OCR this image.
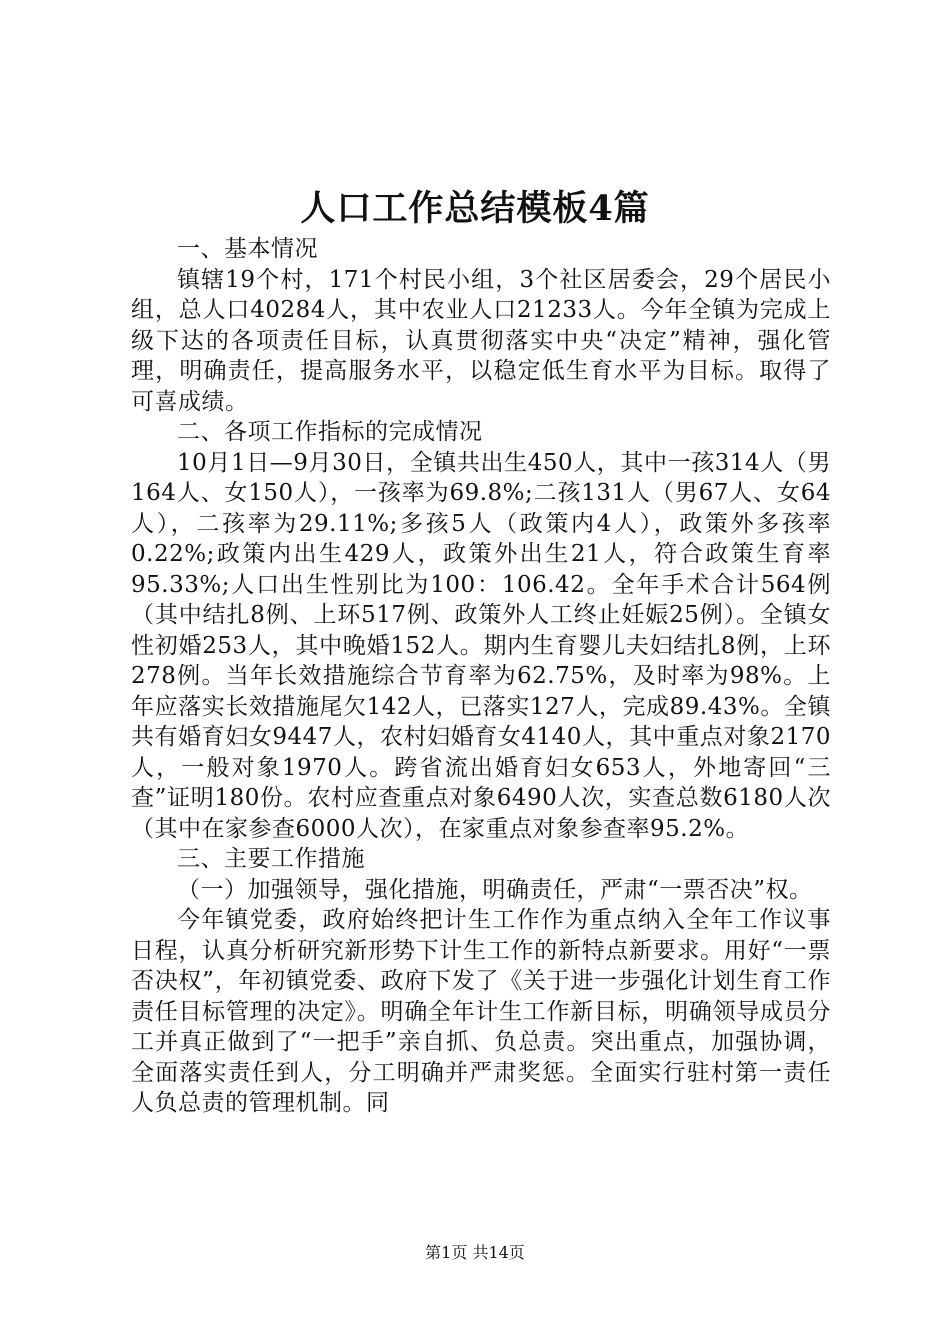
人口工作总结模板4篇

一、基本情况

镇辖19个村，171个村民小组，3个社区居委会，29个居民小组，总人口40284人，其中农业人口21233人。今年全镇为完成上级下达的各项责任目标，认真贯彻落实中央“决定”精神，强化管理，明确责任，提高服务水平，以稳定低生育水平为目标。取得了可喜成绩。

二、各项工作指标的完成情况

10月1日—9月30日，全镇共出生450人，其中一孩314人（男164人、女150人），一孩率为69.8%;二孩131人（男67人、女64人），二孩率为29.11%;多孩5人（政策内4人），政策外多孩率0.22%;政策内出生429人，政策外出生21人，符合政策生育率95.33%;人口出生性别比为100：106.42。全年手术合计564例（其中结扎8例、上环517例、政策外人工终止妊娠25例）。全镇女性初婚253人，其中晚婚152人。期内生育婴儿夫妇结扎8例，上环278例。当年长效措施综合节育率为62.75%，及时率为98%。上年应落实长效措施尾欠142人，已落实127人，完成89.43%。全镇共有婚育妇女9447人，农村妇婚育女4140人，其中重点对象2170人，一般对象1970人。跨省流出婚育妇女653人，外地寄回“三查”证明180份。农村应查重点对象6490人次，实查总数6180人次（其中在家参查6000人次），在家重点对象参查率95.2%。

三、主要工作措施

（一）加强领导，强化措施，明确责任，严肃“一票否决”权。

今年镇党委，政府始终把计生工作作为重点纳入全年工作议事日程，认真分析研究新形势下计生工作的新特点新要求。用好“一票否决权”，年初镇党委、政府下发了《关于进一步强化计划生育工作责任目标管理的决定》。明确全年计生工作新目标，明确领导成员分工并真正做到了“一把手”亲自抓、负总责。突出重点，加强协调，全面落实责任到人，分工明确并严肃奖惩。全面实行驻村第一责任人负总责的管理机制。同

第1页 共14页
